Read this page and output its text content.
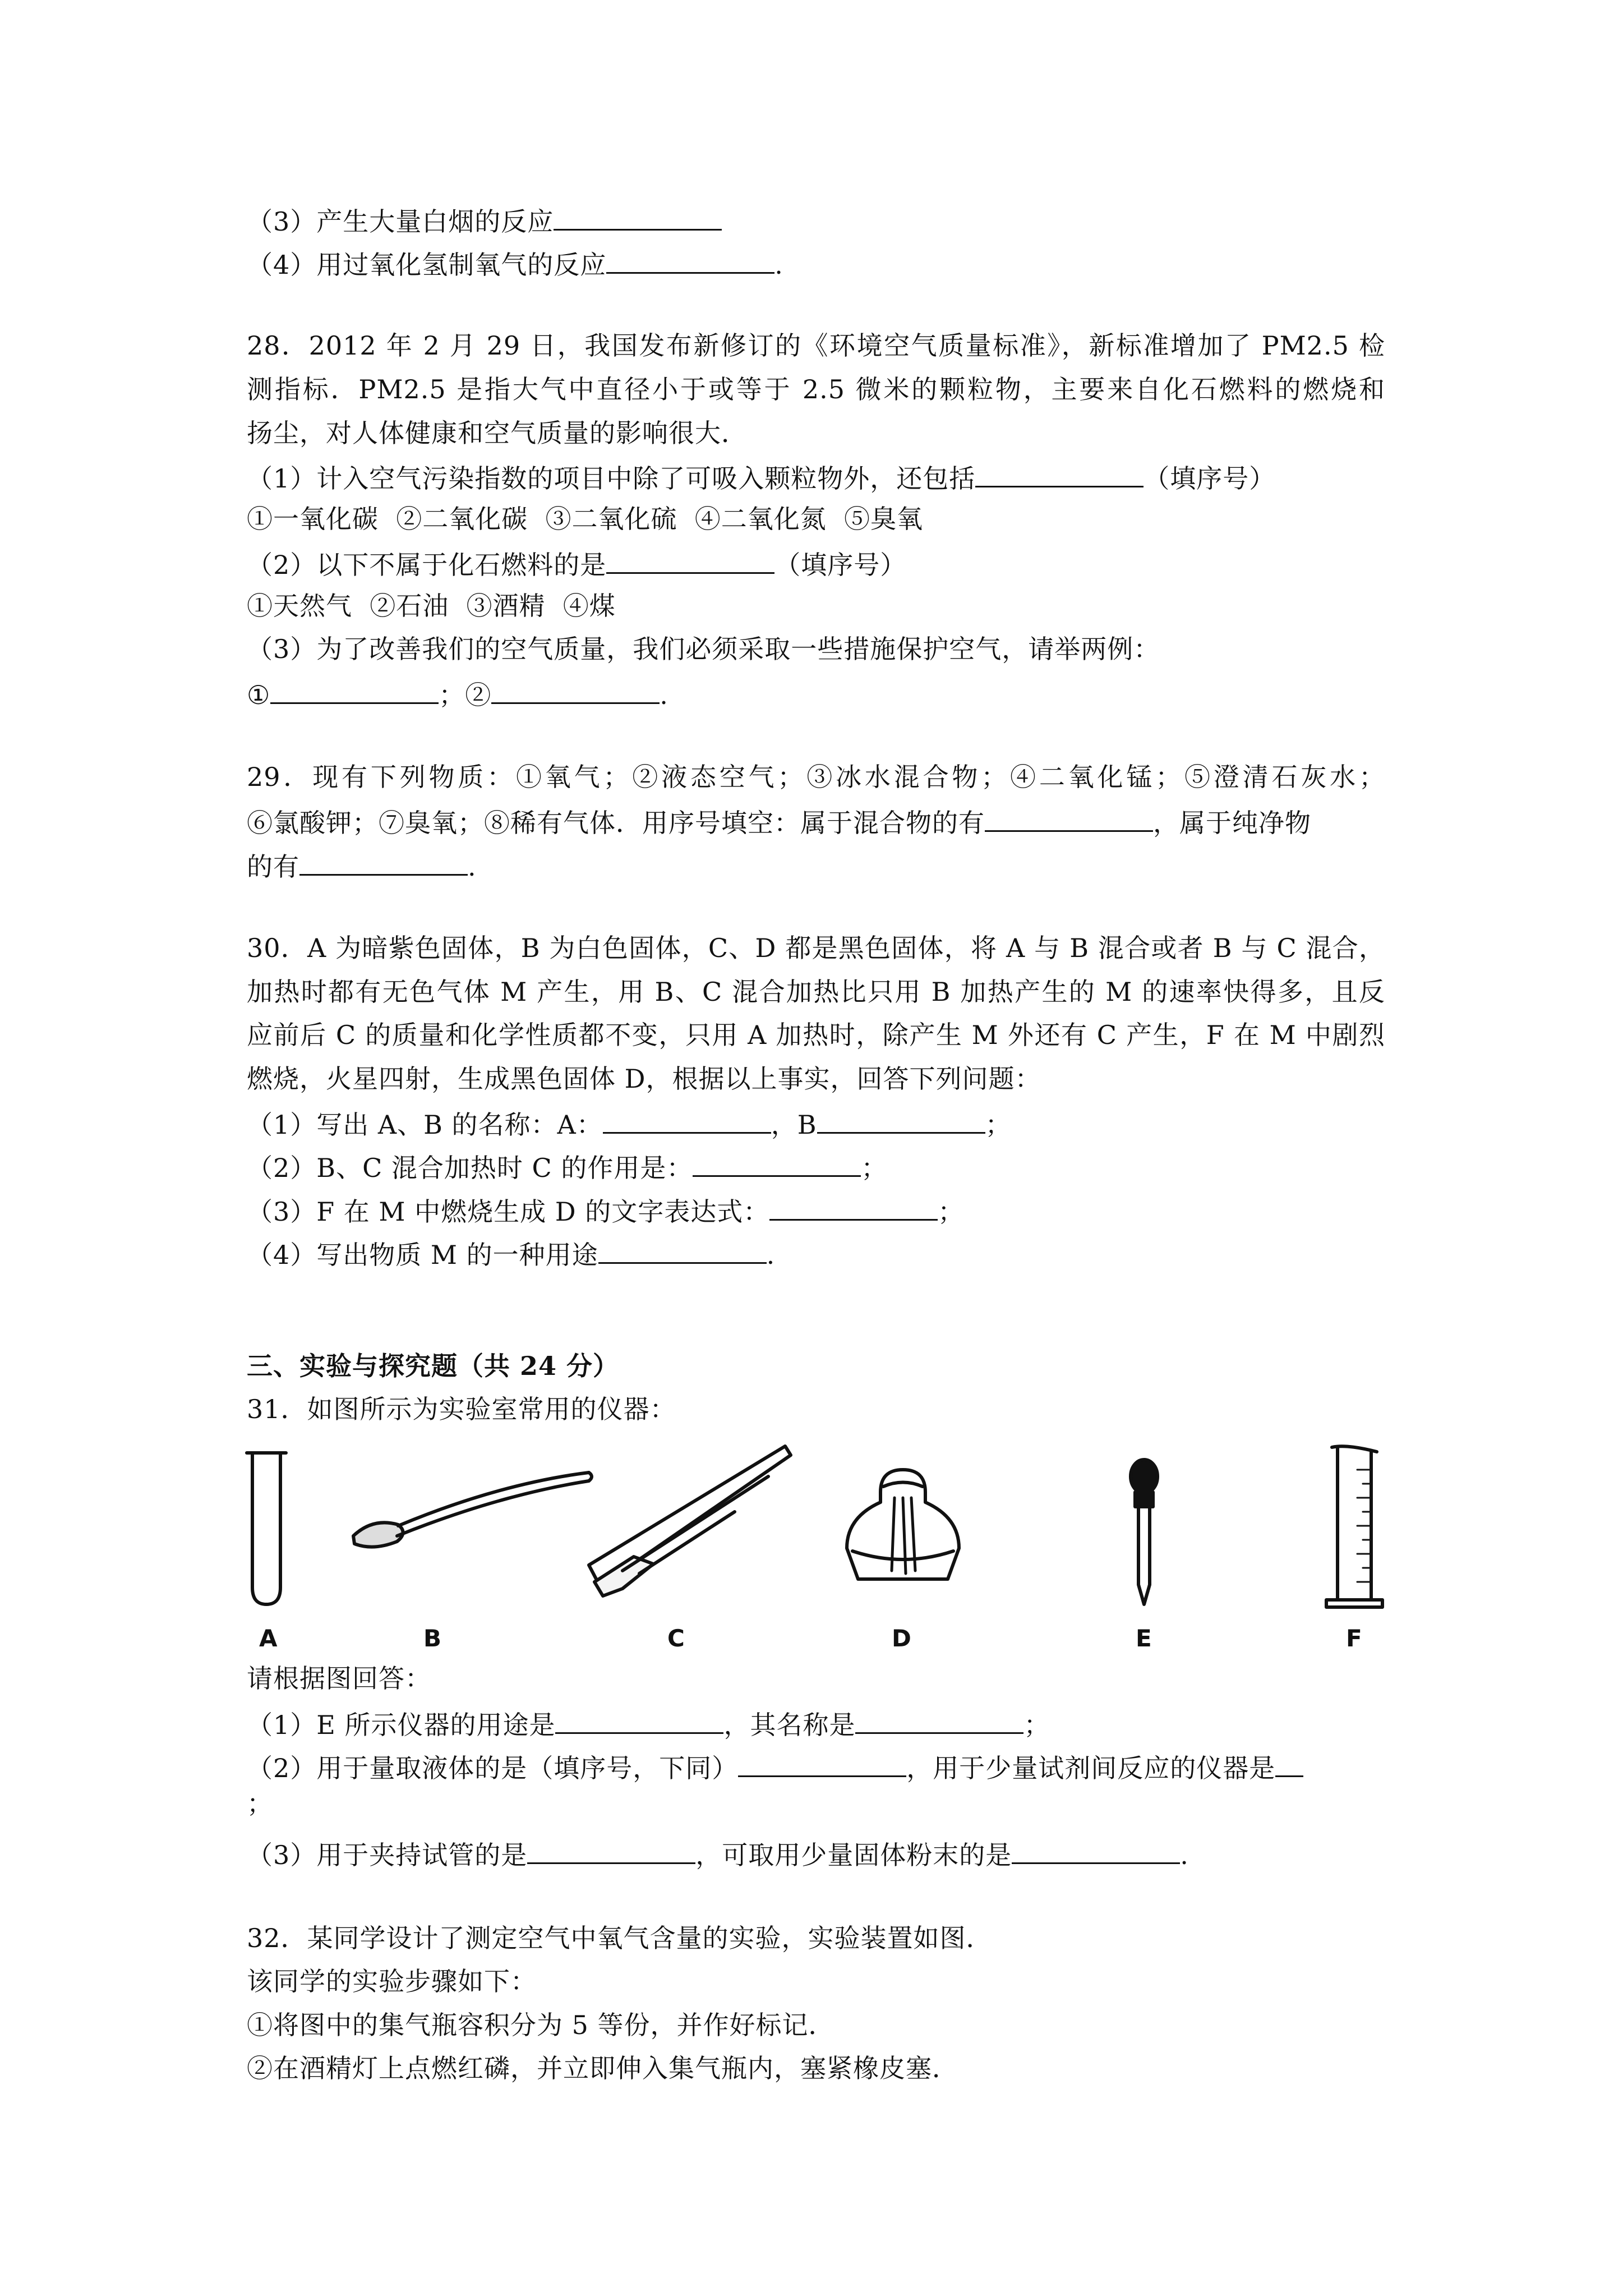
（3）产生大量白烟的反应
（4）用过氧化氢制氧气的反应	.
28．2012 年 2 月 29 日，我国发布新修订的《环境空气质量标准》，新标准增加了 PM2.5 检
测指标．PM2.5 是指大气中直径小于或等于 2.5 微米的颗粒物，主要来自化石燃料的燃烧和
扬尘，对人体健康和空气质量的影响很大．
（1）计入空气污染指数的项目中除了可吸入颗粒物外，还包括	（填序号）
①一氧化碳  ②二氧化碳  ③二氧化硫  ④二氧化氮  ⑤臭氧
（2）以下不属于化石燃料的是	（填序号）
①天然气  ②石油  ③酒精  ④煤
（3）为了改善我们的空气质量，我们必须采取一些措施保护空气，请举两例：
①	；②	.
29．现有下列物质：①氧气；②液态空气；③冰水混合物；④二氧化锰；⑤澄清石灰水；
⑥氯酸钾；⑦臭氧；⑧稀有气体．用序号填空：属于混合物的有	，属于纯净物
的有	.
30．A 为暗紫色固体，B 为白色固体，C、D 都是黑色固体，将 A 与 B 混合或者 B 与 C 混合，
加热时都有无色气体 M 产生，用 B、C 混合加热比只用 B 加热产生的 M 的速率快得多，且反
应前后 C 的质量和化学性质都不变，只用 A 加热时，除产生 M 外还有 C 产生，F 在 M 中剧烈
燃烧，火星四射，生成黑色固体 D，根据以上事实，回答下列问题：
（1）写出 A、B 的名称：A：	，B	；
（2）B、C 混合加热时 C 的作用是：	；
（3）F 在 M 中燃烧生成 D 的文字表达式：	；
（4）写出物质 M 的一种用途	.
三、实验与探究题（共 24 分）
31．如图所示为实验室常用的仪器：
A	B	C	D	E	F
请根据图回答：
（1）E 所示仪器的用途是	，其名称是	；
（2）用于量取液体的是（填序号，下同）	，用于少量试剂间反应的仪器是
；
（3）用于夹持试管的是	，可取用少量固体粉末的是	.
32．某同学设计了测定空气中氧气含量的实验，实验装置如图．
该同学的实验步骤如下：
①将图中的集气瓶容积分为 5 等份，并作好标记．
②在酒精灯上点燃红磷，并立即伸入集气瓶内，塞紧橡皮塞．
